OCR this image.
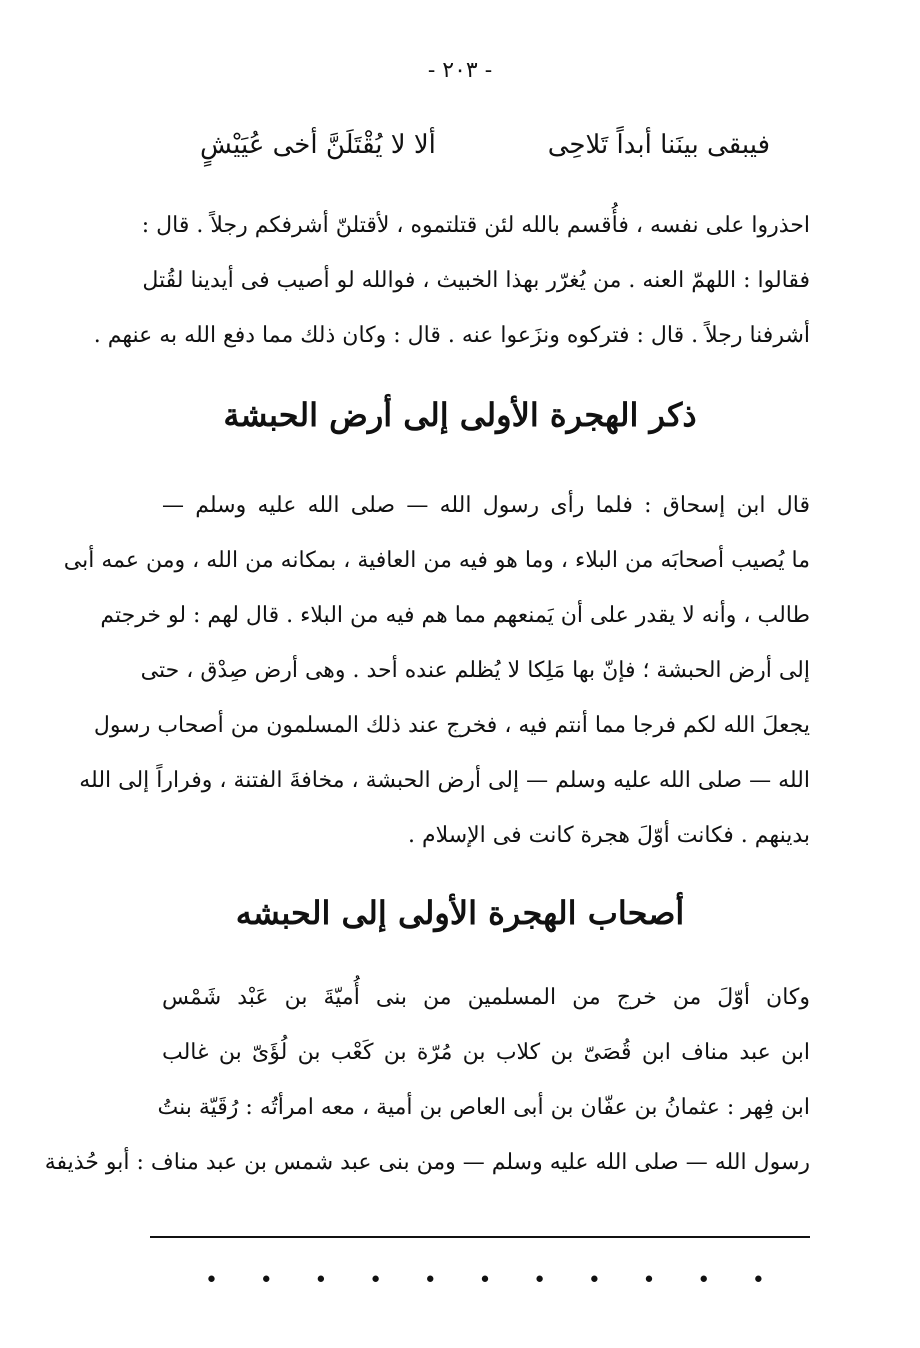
- ٢٠٣ -
ألا لا يُقْتَلَنَّ أخى عُيَيْشٍ	فيبقى بينَنا أبداً تَلاحِى
احذروا على نفسه ، فأُقسم بالله لئن قتلتموه ، لأقتلنّ أشرفكم رجلاً . قال :
فقالوا : اللهمّ العنه . من يُغرّر بهذا الخبيث ، فوالله لو أصيب فى أيدينا لقُتل
أشرفنا رجلاً . قال : فتركوه ونزَعوا عنه . قال : وكان ذلك مما دفع الله به عنهم .
ذكر الهجرة الأولى إلى أرض الحبشة
قال ابن إسحاق : فلما رأى رسول الله — صلى الله عليه وسلم —
ما يُصيب أصحابَه من البلاء ، وما هو فيه من العافية ، بمكانه من الله ، ومن عمه أبى
طالب ، وأنه لا يقدر على أن يَمنعهم مما هم فيه من البلاء . قال لهم : لو خرجتم
إلى أرض الحبشة ؛ فإنّ بها مَلِكا لا يُظلم عنده أحد . وهى أرض صِدْق ، حتى
يجعلَ الله لكم فرجا مما أنتم فيه ، فخرج عند ذلك المسلمون من أصحاب رسول
الله — صلى الله عليه وسلم — إلى أرض الحبشة ، مخافةَ الفتنة ، وفراراً إلى الله
بدينهم . فكانت أوّلَ هجرة كانت فى الإسلام .
أصحاب الهجرة الأولى إلى الحبشه
وكان أوّلَ من خرج من المسلمين من بنى أُميّةَ بن عَبْد شَمْس
ابن عبد مناف ابن قُصَىّ بن كلاب بن مُرّة بن كَعْب بن لُؤَىّ بن غالب
ابن فِهر : عثمانُ بن عفّان بن أبى العاص بن أمية ، معه امرأتُه : رُقَيّة بنتُ
رسول الله — صلى الله عليه وسلم — ومن بنى عبد شمس بن عبد مناف : أبو حُذيفة
• • • • • • • • • • •
